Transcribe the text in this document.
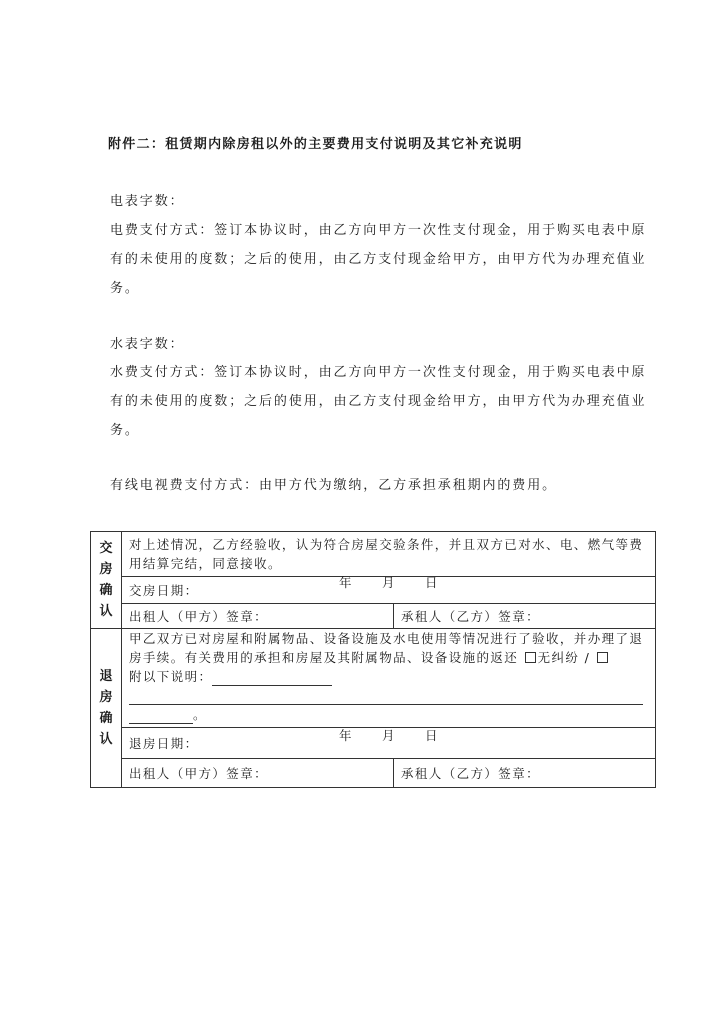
附件二：租赁期内除房租以外的主要费用支付说明及其它补充说明
电表字数：
电费支付方式：签订本协议时，由乙方向甲方一次性支付现金，用于购买电表中原
有的未使用的度数；之后的使用，由乙方支付现金给甲方，由甲方代为办理充值业
务。
水表字数：
水费支付方式：签订本协议时，由乙方向甲方一次性支付现金，用于购买电表中原
有的未使用的度数；之后的使用，由乙方支付现金给甲方，由甲方代为办理充值业
务。
有线电视费支付方式：由甲方代为缴纳，乙方承担承租期内的费用。
交
房
确
认	对上述情况，乙方经验收，认为符合房屋交验条件，并且双方已对水、电、燃气等费用结算完结，同意接收。	

	交房日期：
年 月 日	

	出租人（甲方）签章：	承租人（乙方）签章：

退
房
确
认	甲乙双方已对房屋和附属物品、设备设施及水电使用等情况进行了验收，并办理了退房手续。有关费用的承担和房屋及其附属物品、设备设施的返还 无纠纷 /
附以下说明：

。	

	退房日期：
年 月 日	

	出租人（甲方）签章：	承租人（乙方）签章：
